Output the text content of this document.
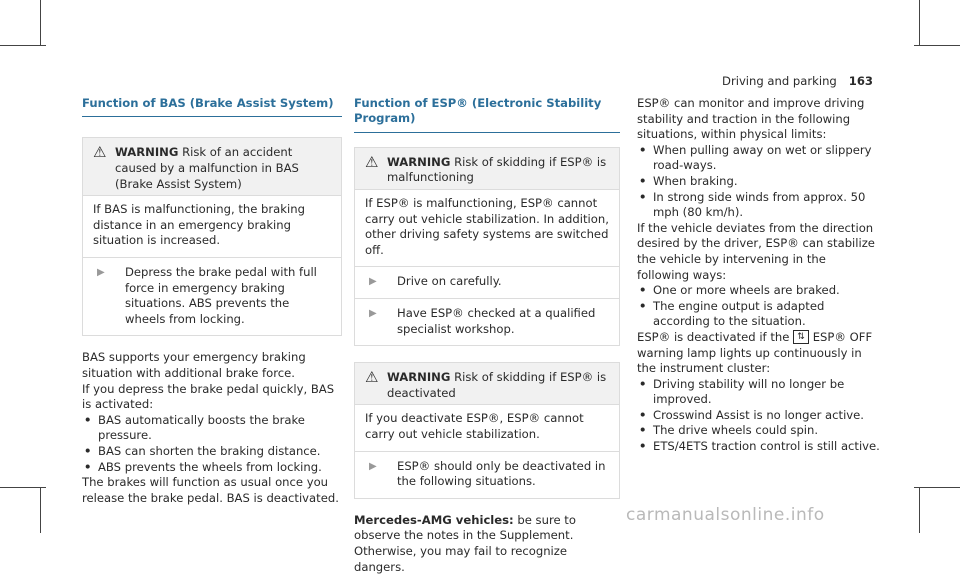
Driving and parking 163
Function of BAS (Brake Assist System)
⚠ WARNING Risk of an accident caused by a malfunction in BAS (Brake Assist System)
If BAS is malfunctioning, the braking distance in an emergency braking situation is increased.
▶	Depress the brake pedal with full force in emergency braking situations. ABS prevents the wheels from locking.

BAS supports your emergency braking situation with additional brake force.

If you depress the brake pedal quickly, BAS is activated:

• BAS automatically boosts the brake pressure.
• BAS can shorten the braking distance.
• ABS prevents the wheels from locking.

The brakes will function as usual once you release the brake pedal. BAS is deactivated.

Function of ESP® (Electronic Stability Program)
⚠ WARNING Risk of skidding if ESP® is malfunctioning
If ESP® is malfunctioning, ESP® cannot carry out vehicle stabilization. In addition, other driving safety systems are switched off.
▶	Drive on carefully.
▶	Have ESP® checked at a qualified specialist workshop.
⚠ WARNING Risk of skidding if ESP® is deactivated
If you deactivate ESP®, ESP® cannot carry out vehicle stabilization.
▶	ESP® should only be deactivated in the following situations.

Mercedes-AMG vehicles: be sure to observe the notes in the Supplement. Otherwise, you may fail to recognize dangers.

ESP® can monitor and improve driving stability and traction in the following situations, within physical limits:

• When pulling away on wet or slippery road-ways.
• When braking.
• In strong side winds from approx. 50 mph (80 km/h).

If the vehicle deviates from the direction desired by the driver, ESP® can stabilize the vehicle by intervening in the following ways:

• One or more wheels are braked.
• The engine output is adapted according to the situation.

ESP® is deactivated if the ⇅ ESP® OFF warning lamp lights up continuously in the instrument cluster:

• Driving stability will no longer be improved.
• Crosswind Assist is no longer active.
• The drive wheels could spin.
• ETS/4ETS traction control is still active.
carmanualsonline.info
